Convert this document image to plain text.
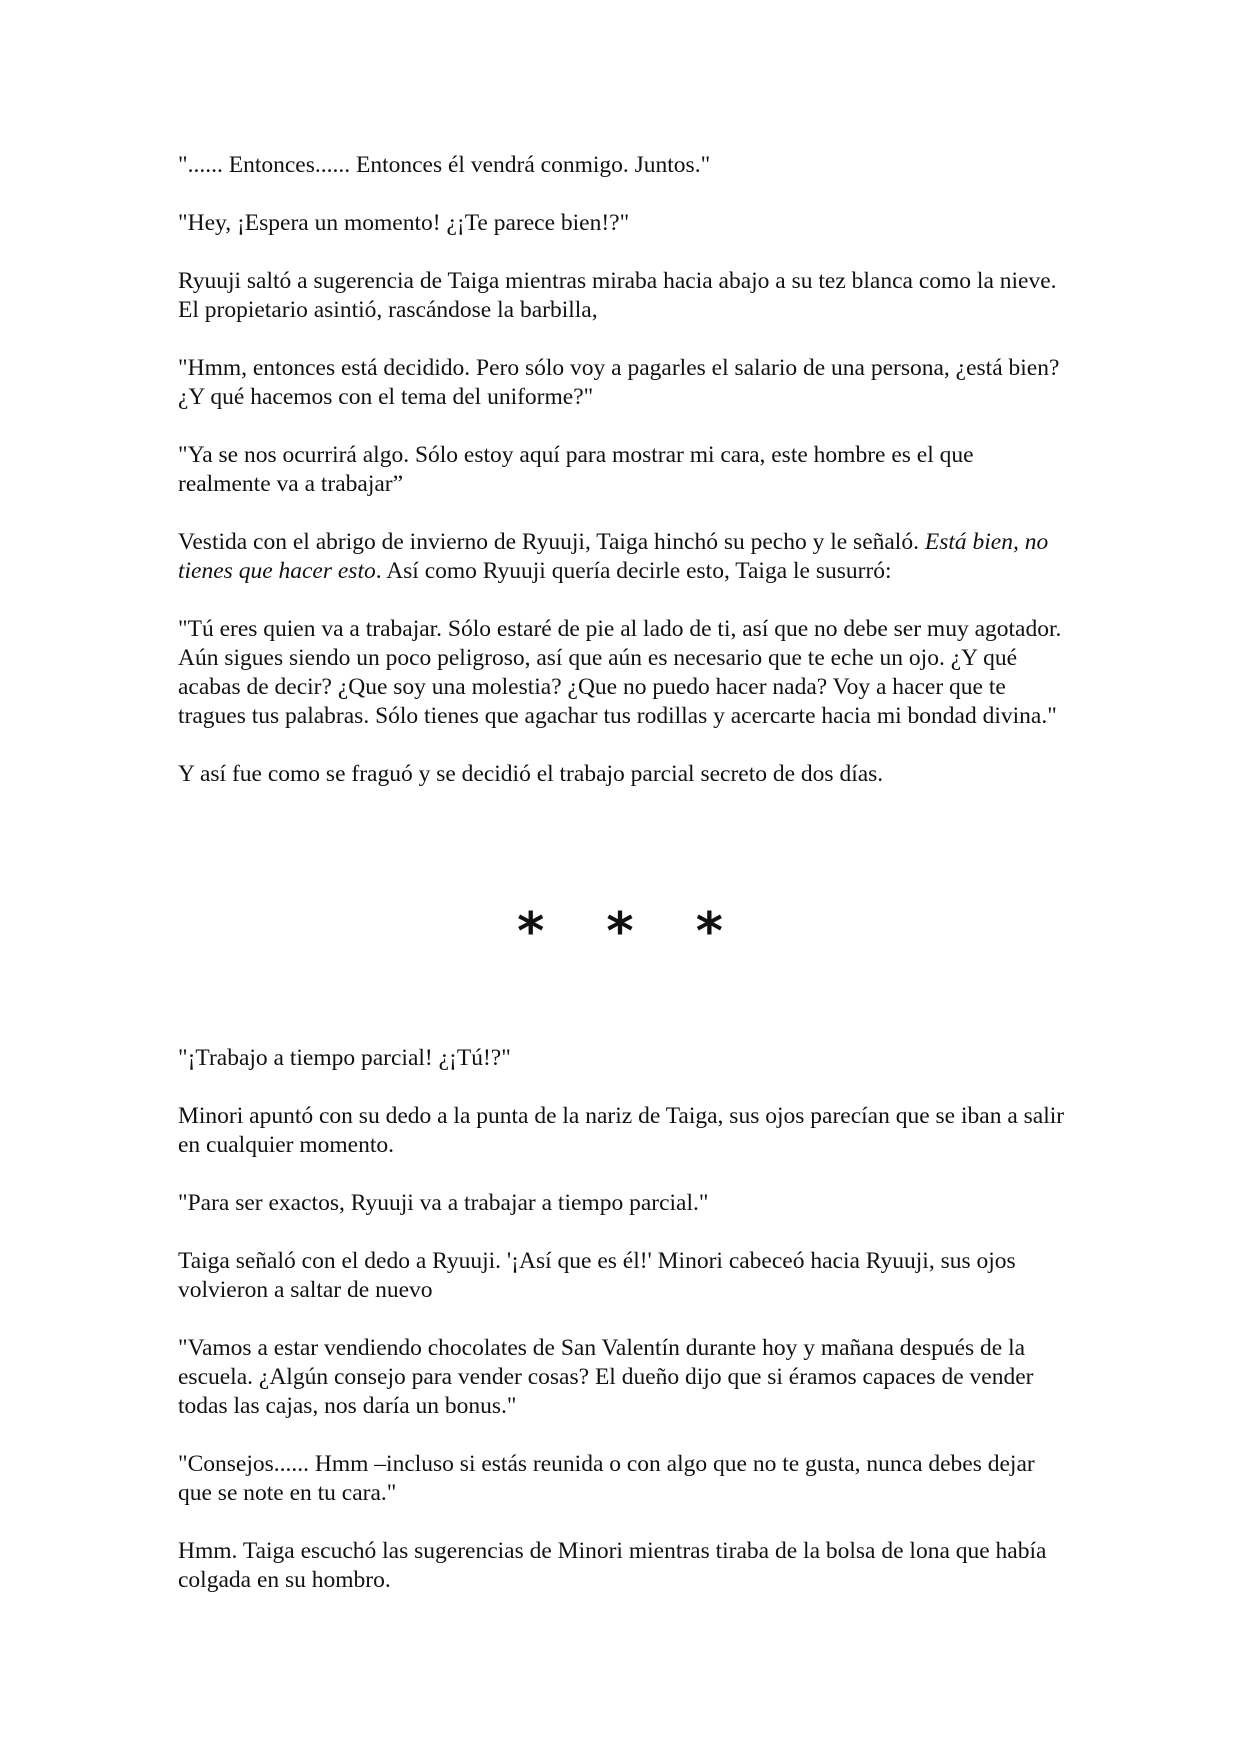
"...... Entonces...... Entonces él vendrá conmigo. Juntos."

"Hey, ¡Espera un momento! ¿¡Te parece bien!?"

Ryuuji saltó a sugerencia de Taiga mientras miraba hacia abajo a su tez blanca como la nieve. El propietario asintió, rascándose la barbilla,

"Hmm, entonces está decidido. Pero sólo voy a pagarles el salario de una persona, ¿está bien? ¿Y qué hacemos con el tema del uniforme?"

"Ya se nos ocurrirá algo. Sólo estoy aquí para mostrar mi cara, este hombre es el que realmente va a trabajar”

Vestida con el abrigo de invierno de Ryuuji, Taiga hinchó su pecho y le señaló. Está bien, no tienes que hacer esto. Así como Ryuuji quería decirle esto, Taiga le susurró:

"Tú eres quien va a trabajar. Sólo estaré de pie al lado de ti, así que no debe ser muy agotador. Aún sigues siendo un poco peligroso, así que aún es necesario que te eche un ojo. ¿Y qué acabas de decir? ¿Que soy una molestia? ¿Que no puedo hacer nada? Voy a hacer que te tragues tus palabras. Sólo tienes que agachar tus rodillas y acercarte hacia mi bondad divina."

Y así fue como se fraguó y se decidió el trabajo parcial secreto de dos días.

* * *

"¡Trabajo a tiempo parcial! ¿¡Tú!?"

Minori apuntó con su dedo a la punta de la nariz de Taiga, sus ojos parecían que se iban a salir en cualquier momento.

"Para ser exactos, Ryuuji va a trabajar a tiempo parcial."

Taiga señaló con el dedo a Ryuuji. '¡Así que es él!' Minori cabeceó hacia Ryuuji, sus ojos volvieron a saltar de nuevo

"Vamos a estar vendiendo chocolates de San Valentín durante hoy y mañana después de la escuela. ¿Algún consejo para vender cosas? El dueño dijo que si éramos capaces de vender todas las cajas, nos daría un bonus."

"Consejos...... Hmm –incluso si estás reunida o con algo que no te gusta, nunca debes dejar que se note en tu cara."

Hmm. Taiga escuchó las sugerencias de Minori mientras tiraba de la bolsa de lona que había colgada en su hombro.
